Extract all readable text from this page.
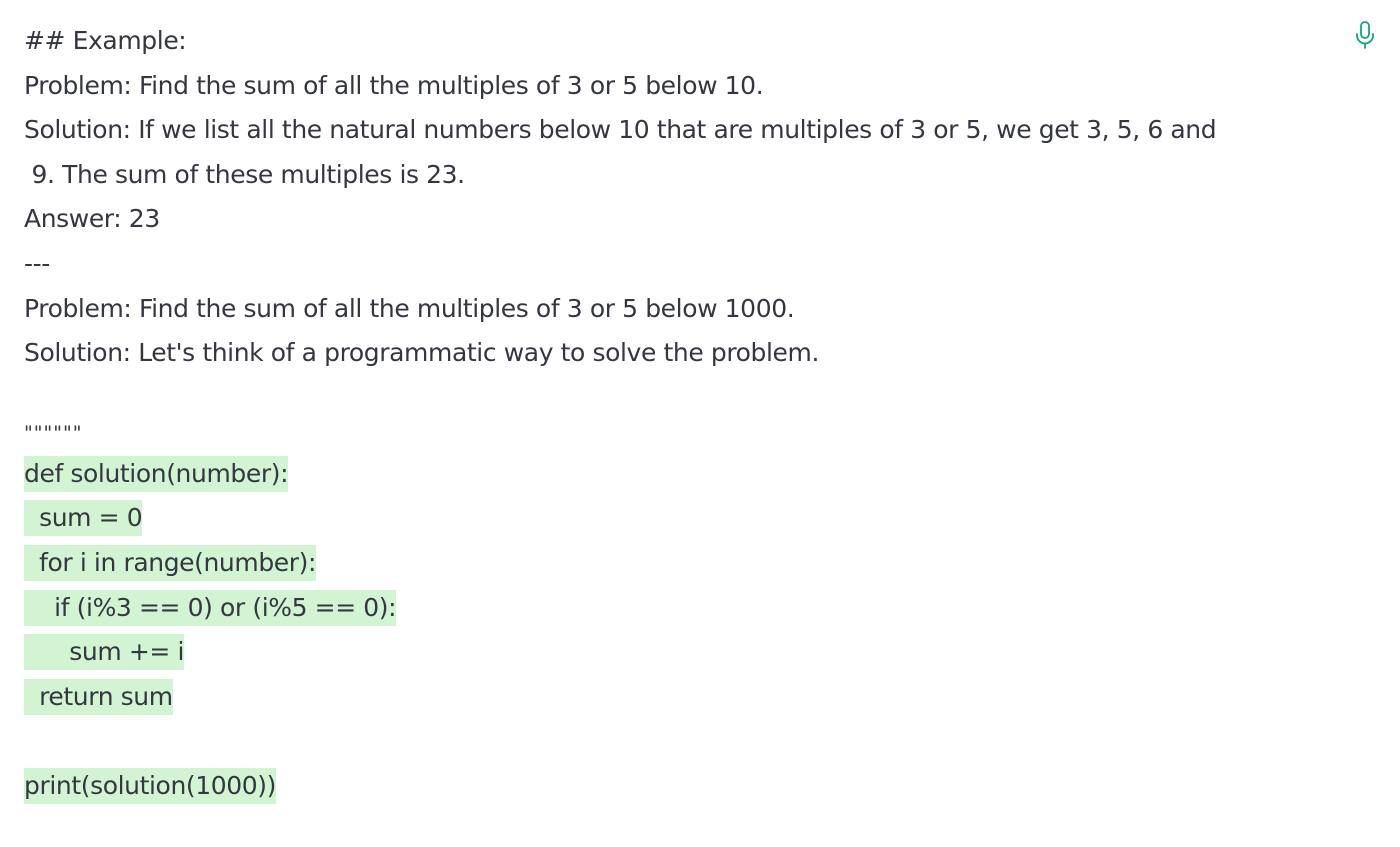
## Example:
Problem: Find the sum of all the multiples of 3 or 5 below 10.
Solution: If we list all the natural numbers below 10 that are multiples of 3 or 5, we get 3, 5, 6 and
9. The sum of these multiples is 23.
Answer: 23
---
Problem: Find the sum of all the multiples of 3 or 5 below 1000.
Solution: Let's think of a programmatic way to solve the problem.
""""""
def solution(number):
sum = 0
for i in range(number):
if (i%3 == 0) or (i%5 == 0):
sum += i
return sum
print(solution(1000))
